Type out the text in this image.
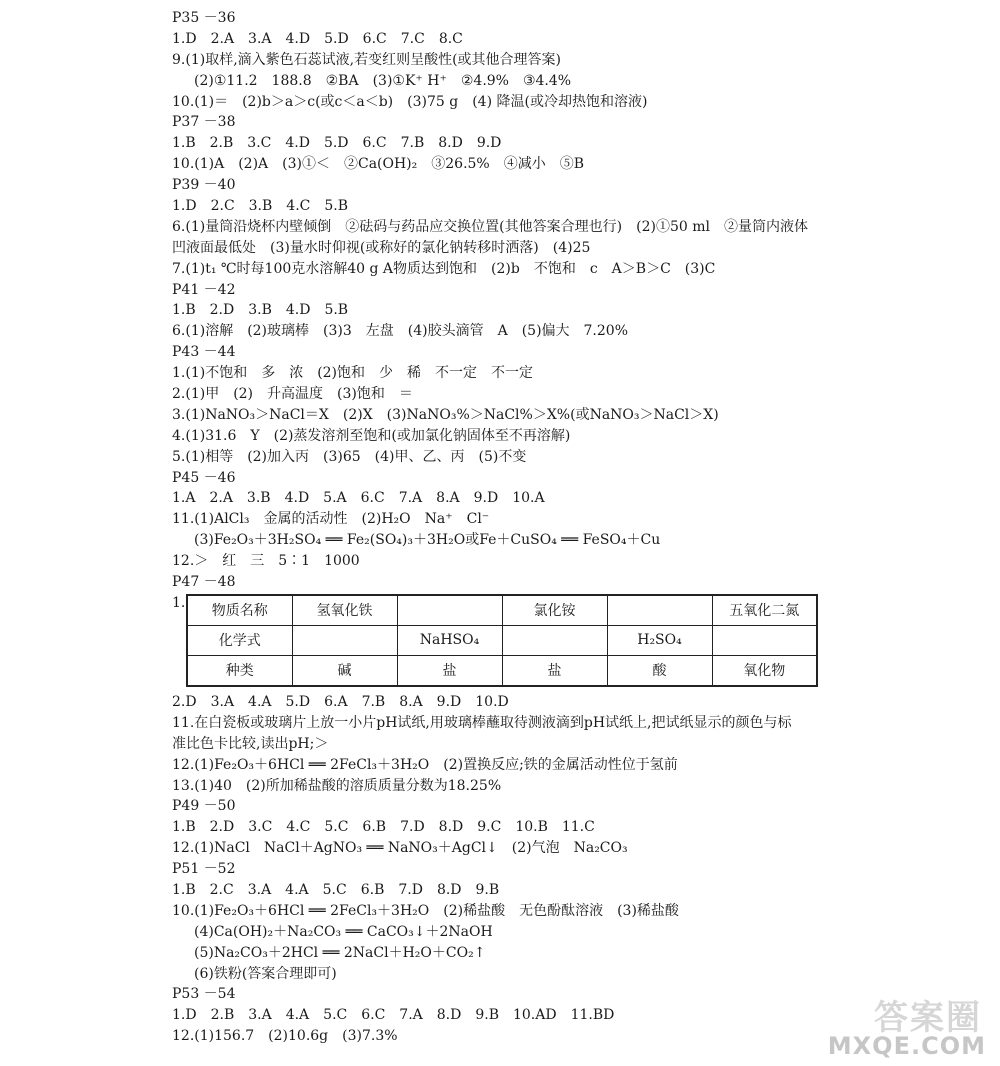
P35 －36
1.D　2.A　3.A　4.D　5.D　6.C　7.C　8.C
9.(1)取样,滴入紫色石蕊试液,若变红则呈酸性(或其他合理答案)
(2)①11.2　188.8　②BA　(3)①K⁺ H⁺　②4.9%　③4.4%
10.(1)＝　(2)b＞a＞c(或c＜a＜b)　(3)75 g　(4) 降温(或冷却热饱和溶液)
P37 －38
1.B　2.B　3.C　4.D　5.D　6.C　7.B　8.D　9.D
10.(1)A　(2)A　(3)①＜　②Ca(OH)₂　③26.5%　④减小　⑤B
P39 －40
1.D　2.C　3.B　4.C　5.B
6.(1)量筒沿烧杯内壁倾倒　②砝码与药品应交换位置(其他答案合理也行)　(2)①50 ml　②量筒内液体
凹液面最低处　(3)量水时仰视(或称好的氯化钠转移时洒落)　(4)25
7.(1)t₁ ℃时每100克水溶解40 g A物质达到饱和　(2)b　不饱和　c　A＞B＞C　(3)C
P41 －42
1.B　2.D　3.B　4.D　5.B
6.(1)溶解　(2)玻璃棒　(3)3　左盘　(4)胶头滴管　A　(5)偏大　7.20%
P43 －44
1.(1)不饱和　多　浓　(2)饱和　少　稀　不一定　不一定
2.(1)甲　(2)　升高温度　(3)饱和　＝
3.(1)NaNO₃＞NaCl＝X　(2)X　(3)NaNO₃%＞NaCl%＞X%(或NaNO₃＞NaCl＞X)
4.(1)31.6　Y　(2)蒸发溶剂至饱和(或加氯化钠固体至不再溶解)
5.(1)相等　(2)加入丙　(3)65　(4)甲、乙、丙　(5)不变
P45 －46
1.A　2.A　3.B　4.D　5.A　6.C　7.A　8.A　9.D　10.A
11.(1)AlCl₃　金属的活动性　(2)H₂O　Na⁺　Cl⁻
(3)Fe₂O₃＋3H₂SO₄ ══ Fe₂(SO₄)₃＋3H₂O或Fe＋CuSO₄ ══ FeSO₄＋Cu
12.＞　红　三　5∶1　1000
P47 －48
1.
物质名称	氢氧化铁		氯化铵		五氧化二氮
化学式		NaHSO₄		H₂SO₄	
种类	碱	盐	盐	酸	氧化物
2.D　3.A　4.A　5.D　6.A　7.B　8.A　9.D　10.D
11.在白瓷板或玻璃片上放一小片pH试纸,用玻璃棒蘸取待测液滴到pH试纸上,把试纸显示的颜色与标
准比色卡比较,读出pH;＞
12.(1)Fe₂O₃＋6HCl ══ 2FeCl₃＋3H₂O　(2)置换反应;铁的金属活动性位于氢前
13.(1)40　(2)所加稀盐酸的溶质质量分数为18.25%
P49 －50
1.B　2.D　3.C　4.C　5.C　6.B　7.D　8.D　9.C　10.B　11.C
12.(1)NaCl　NaCl＋AgNO₃ ══ NaNO₃＋AgCl↓　(2)气泡　Na₂CO₃
P51 －52
1.B　2.C　3.A　4.A　5.C　6.B　7.D　8.D　9.B
10.(1)Fe₂O₃＋6HCl ══ 2FeCl₃＋3H₂O　(2)稀盐酸　无色酚酞溶液　(3)稀盐酸
(4)Ca(OH)₂＋Na₂CO₃ ══ CaCO₃↓＋2NaOH
(5)Na₂CO₃＋2HCl ══ 2NaCl＋H₂O＋CO₂↑
(6)铁粉(答案合理即可)
P53 －54
1.D　2.B　3.A　4.A　5.C　6.C　7.A　8.D　9.B　10.AD　11.BD
12.(1)156.7　(2)10.6g　(3)7.3%	答案圈
MXQE.COM
